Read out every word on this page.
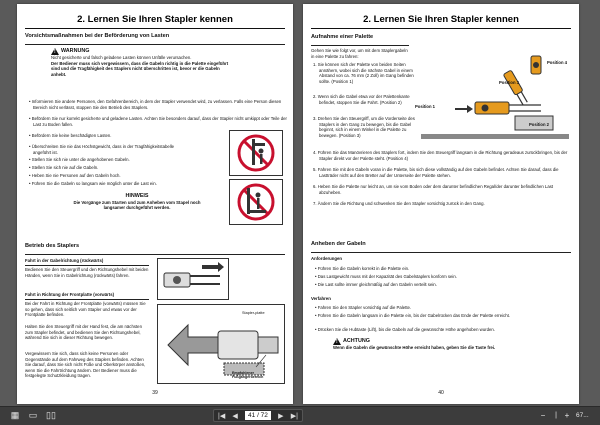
2. Lernen Sie Ihren Stapler kennen
Vorsichtsmaßnahmen bei der Beförderung von Lasten
!
WARNUNG
Nicht gesicherte und falsch geladene Lasten können Unfälle verursachen.
Der Bediener muss sich vergewissern, dass die Gabeln richtig in die Palette eingeführt
sind und die Tragfähigkeit des Staplers nicht überschritten ist, bevor er die Gabeln
anhebt.
• Informieren Sie andere Personen, den Gefahrenbereich, in dem der Stapler verwendet wird, zu verlassen. Falls eine Person diesen Bereich nicht verlässt, stoppen Sie den Betrieb des Staplers.
• Befördern Sie nur korrekt gesicherte und geladene Lasten. Achten Sie besonders darauf, dass der Stapler nicht umkippt oder Teile der Last zu Boden fallen.
• Befördern Sie keine beschädigten Lasten.
• Überschreiten Sie nie das Höchstgewicht, dass in der Tragfähigkeitstabelle angeführt ist.
• Stellen Sie sich nie unter die angehobenen Gabeln.
• Stellen Sie sich nie auf die Gabeln.
• Heben Sie nie Personen auf den Gabeln hoch.
• Führen Sie die Gabeln so langsam wie möglich unter die Last ein.
HINWEIS
Die Vorgänge zum Starten und zum Anheben vom Stapel noch
langsamer durchgeführt werden.
Betrieb des Staplers
Fahrt in der Gabelrichtung (rückwärts)
Bedienen Sie den Steuergriff und den Richtungshebel mit beiden Händen, wenn Sie in Gabelrichtung (rückwärts) fahren.
Fahrt in Richtung der Frontplatte (vorwärts)
Bei der Fahrt in Richtung der Frontplatte (vorwärts) müssen Sie so gehen, dass sich seitlich vom Stapler und etwas vor der Frontplatte befinden.
Halten Sie den Steuergriff mit der Hand fest, die am nächsten zum Stapler befindet, und bedienen Sie den Richtungshebel, während Sie sich in dieser Richtung bewegen.
Vergewissern Sie sich, dass sich keine Personen oder Gegenstände auf dem Fahrweg des Staplers befinden. Achten Sie darauf, dass Sie sich nicht Füße und Oberkörper anstoßen, wenn Sie die Fahrtrichtung ändern. Der Bediener muss die festgelegte Schutzkleidung tragen.
Stapler-platte
Empfohlener Fußgängerbereich
39
2. Lernen Sie Ihren Stapler kennen
Aufnahme einer Palette
Gehen Sie wie folgt vor, um mit dem Staplergabeln in eine Palette zu fahren:
1. Sie können sich der Palette von beiden Seiten annähern, wobei sich die nächste Gabel in einem Abstand von ca. 76 mm (2 Zoll) im Gang befinden sollte. (Position 1)
2. Wenn sich die Gabel etwa vor der Palettenkante befindet, stoppen Sie die Fahrt. (Position 2)
3. Drehen Sie den Steuergriff, um die Vorderseite des Staplers in den Gang zu bewegen, bis die Gabel beginnt, sich in einem Winkel in die Palette zu bewegen. (Position 3)
4. Führen Sie das Manövrieren des Staplers fort, indem Sie den Steuergriff langsam in die Richtung geradeaus zurückbringen, bis der Stapler direkt vor der Palette steht. (Position 4)
5. Fahren Sie mit den Gabeln voran in die Palette, bis sich diese vollständig auf den Gabeln befindet. Achten Sie darauf, dass die Lastträder nicht auf den Bretter auf der Unterseite der Palette stehen.
6. Heben Sie die Palette nur leicht an, um sie vom Boden oder dem darunter befindlichen Regal/der darunter befindlichen Last abzuheben.
7. Ändern Sie die Richtung und schwenken Sie den Stapler vorsichtig zurück in den Gang.
Position 1
Position 2
Position 3
Position 4
Anheben der Gabeln
Anforderungen
• Führen Sie die Gabeln korrekt in die Palette ein.
• Das Lastgewicht muss mit der Kapazität des Gabelstaplers konform sein.
• Die Last sollte immer gleichmäßig auf den Gabeln verteilt sein.
Verfahren
• Fahren Sie den Stapler vorsichtig auf die Palette.
• Führen Sie die Gabeln langsam in die Palette ein, bis der Gabelrücken das Ende der Palette erreicht.
• Drücken Sie die Hubtaste (Lift), bis die Gabeln auf die gewünschte Höhe angehoben wurden.
!
ACHTUNG
Wenn die Gabeln die gewünschte Höhe erreicht haben, geben Sie die Taste frei.
40
▦	▭ ▯▯	|◀ ◀	41 / 72	▶ ▶|	−	| +	67...
